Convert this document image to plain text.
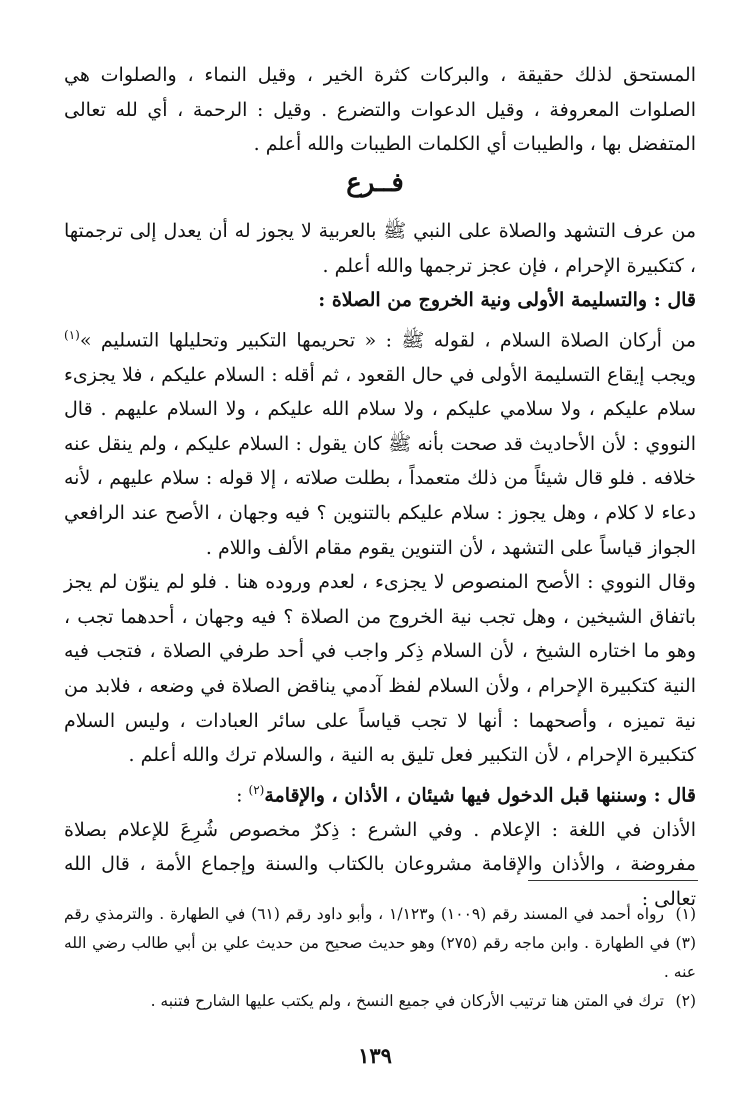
المستحق لذلك حقيقة ، والبركات كثرة الخير ، وقيل النماء ، والصلوات هي الصلوات المعروفة ، وقيل الدعوات والتضرع . وقيل : الرحمة ، أي لله تعالى المتفضل بها ، والطيبات أي الكلمات الطيبات والله أعلم .

فــرع

من عرف التشهد والصلاة على النبي ﷺ بالعربية لا يجوز له أن يعدل إلى ترجمتها ، كتكبيرة الإحرام ، فإن عجز ترجمها والله أعلم .

قال : والتسليمة الأولى ونية الخروج من الصلاة :

من أركان الصلاة السلام ، لقوله ﷺ : « تحريمها التكبير وتحليلها التسليم »$^{(١)}$ ويجب إيقاع التسليمة الأولى في حال القعود ، ثم أقله : السلام عليكم ، فلا يجزىء سلام عليكم ، ولا سلامي عليكم ، ولا سلام الله عليكم ، ولا السلام عليهم . قال النووي : لأن الأحاديث قد صحت بأنه ﷺ كان يقول : السلام عليكم ، ولم ينقل عنه خلافه . فلو قال شيئاً من ذلك متعمداً ، بطلت صلاته ، إلا قوله : سلام عليهم ، لأنه دعاء لا كلام ، وهل يجوز : سلام عليكم بالتنوين ؟ فيه وجهان ، الأصح عند الرافعي الجواز قياساً على التشهد ، لأن التنوين يقوم مقام الألف واللام .

وقال النووي : الأصح المنصوص لا يجزىء ، لعدم وروده هنا . فلو لم ينوّن لم يجز باتفاق الشيخين ، وهل تجب نية الخروج من الصلاة ؟ فيه وجهان ، أحدهما تجب ، وهو ما اختاره الشيخ ، لأن السلام ذِكر واجب في أحد طرفي الصلاة ، فتجب فيه النية كتكبيرة الإحرام ، ولأن السلام لفظ آدمي يناقض الصلاة في وضعه ، فلابد من نية تميزه ، وأصحهما : أنها لا تجب قياساً على سائر العبادات ، وليس السلام كتكبيرة الإحرام ، لأن التكبير فعل تليق به النية ، والسلام ترك والله أعلم .

قال : وسننها قبل الدخول فيها شيئان ، الأذان ، والإقامة$^{(٢)}$ :

الأذان في اللغة : الإعلام . وفي الشرع : ذِكرٌ مخصوص شُرِعَ للإعلام بصلاة مفروضة ، والأذان والإقامة مشروعان بالكتاب والسنة وإجماع الأمة ، قال الله تعالى :

(١)رواه أحمد في المسند رقم (١٠٠٩) و١/١٢٣ ، وأبو داود رقم (٦١) في الطهارة . والترمذي رقم (٣) في الطهارة . وابن ماجه رقم (٢٧٥) وهو حديث صحيح من حديث علي بن أبي طالب رضي الله عنه .

(٢)ترك في المتن هنا ترتيب الأركان في جميع النسخ ، ولم يكتب عليها الشارح فتنبه .

١٣٩
